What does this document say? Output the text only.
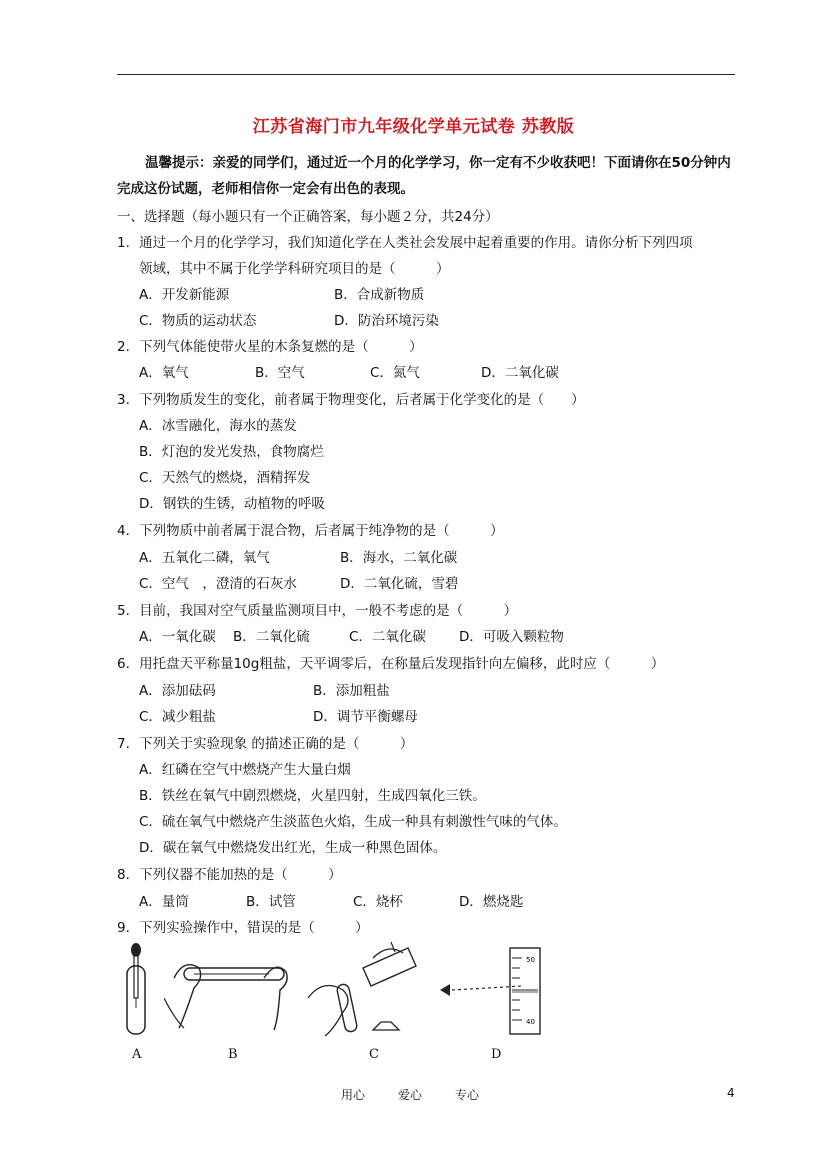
江苏省海门市九年级化学单元试卷 苏教版
温馨提示：亲爱的同学们，通过近一个月的化学学习，你一定有不少收获吧！下面请你在50分钟内完成这份试题，老师相信你一定会有出色的表现。
一、选择题（每小题只有一个正确答案，每小题２分，共24分）
1．通过一个月的化学学习，我们知道化学在人类社会发展中起着重要的作用。请你分析下列四项
领域，其中不属于化学学科研究项目的是（　　　）
A．开发新能源	B．合成新物质
C．物质的运动状态	D．防治环境污染
2．下列气体能使带火星的木条复燃的是（　　　）
A．氧气	B．空气	C．氮气	D．二氧化碳
3．下列物质发生的变化，前者属于物理变化，后者属于化学变化的是（　　）
A．冰雪融化，海水的蒸发
B．灯泡的发光发热，食物腐烂
C．天然气的燃烧，酒精挥发
D．钢铁的生锈，动植物的呼吸
4．下列物质中前者属于混合物，后者属于纯净物的是（　　　）
A．五氧化二磷，氧气	B．海水，二氧化碳
C．空气　，澄清的石灰水	D．二氧化硫，雪碧
5．目前，我国对空气质量监测项目中，一般不考虑的是（　　　）
A．一氧化碳 B．二氧化硫	C．二氧化碳 D．可吸入颗粒物
6．用托盘天平称量10g粗盐，天平调零后，在称量后发现指针向左偏移，此时应（　　　）
A．添加砝码	B．添加粗盐
C．减少粗盐	D．调节平衡螺母
7．下列关于实验现象 的描述正确的是（　　　）
A．红磷在空气中燃烧产生大量白烟
B．铁丝在氧气中剧烈燃烧，火星四射，生成四氧化三铁。
C．硫在氧气中燃烧产生淡蓝色火焰，生成一种具有刺激性气味的气体。
D．碳在氧气中燃烧发出红光，生成一种黑色固体。
8．下列仪器不能加热的是（　　　）
A．量筒	B．试管	C．烧杯	D．燃烧匙
9．下列实验操作中，错误的是（　　　）
50
40
A	B	C	D
用心	爱心	专心	4
